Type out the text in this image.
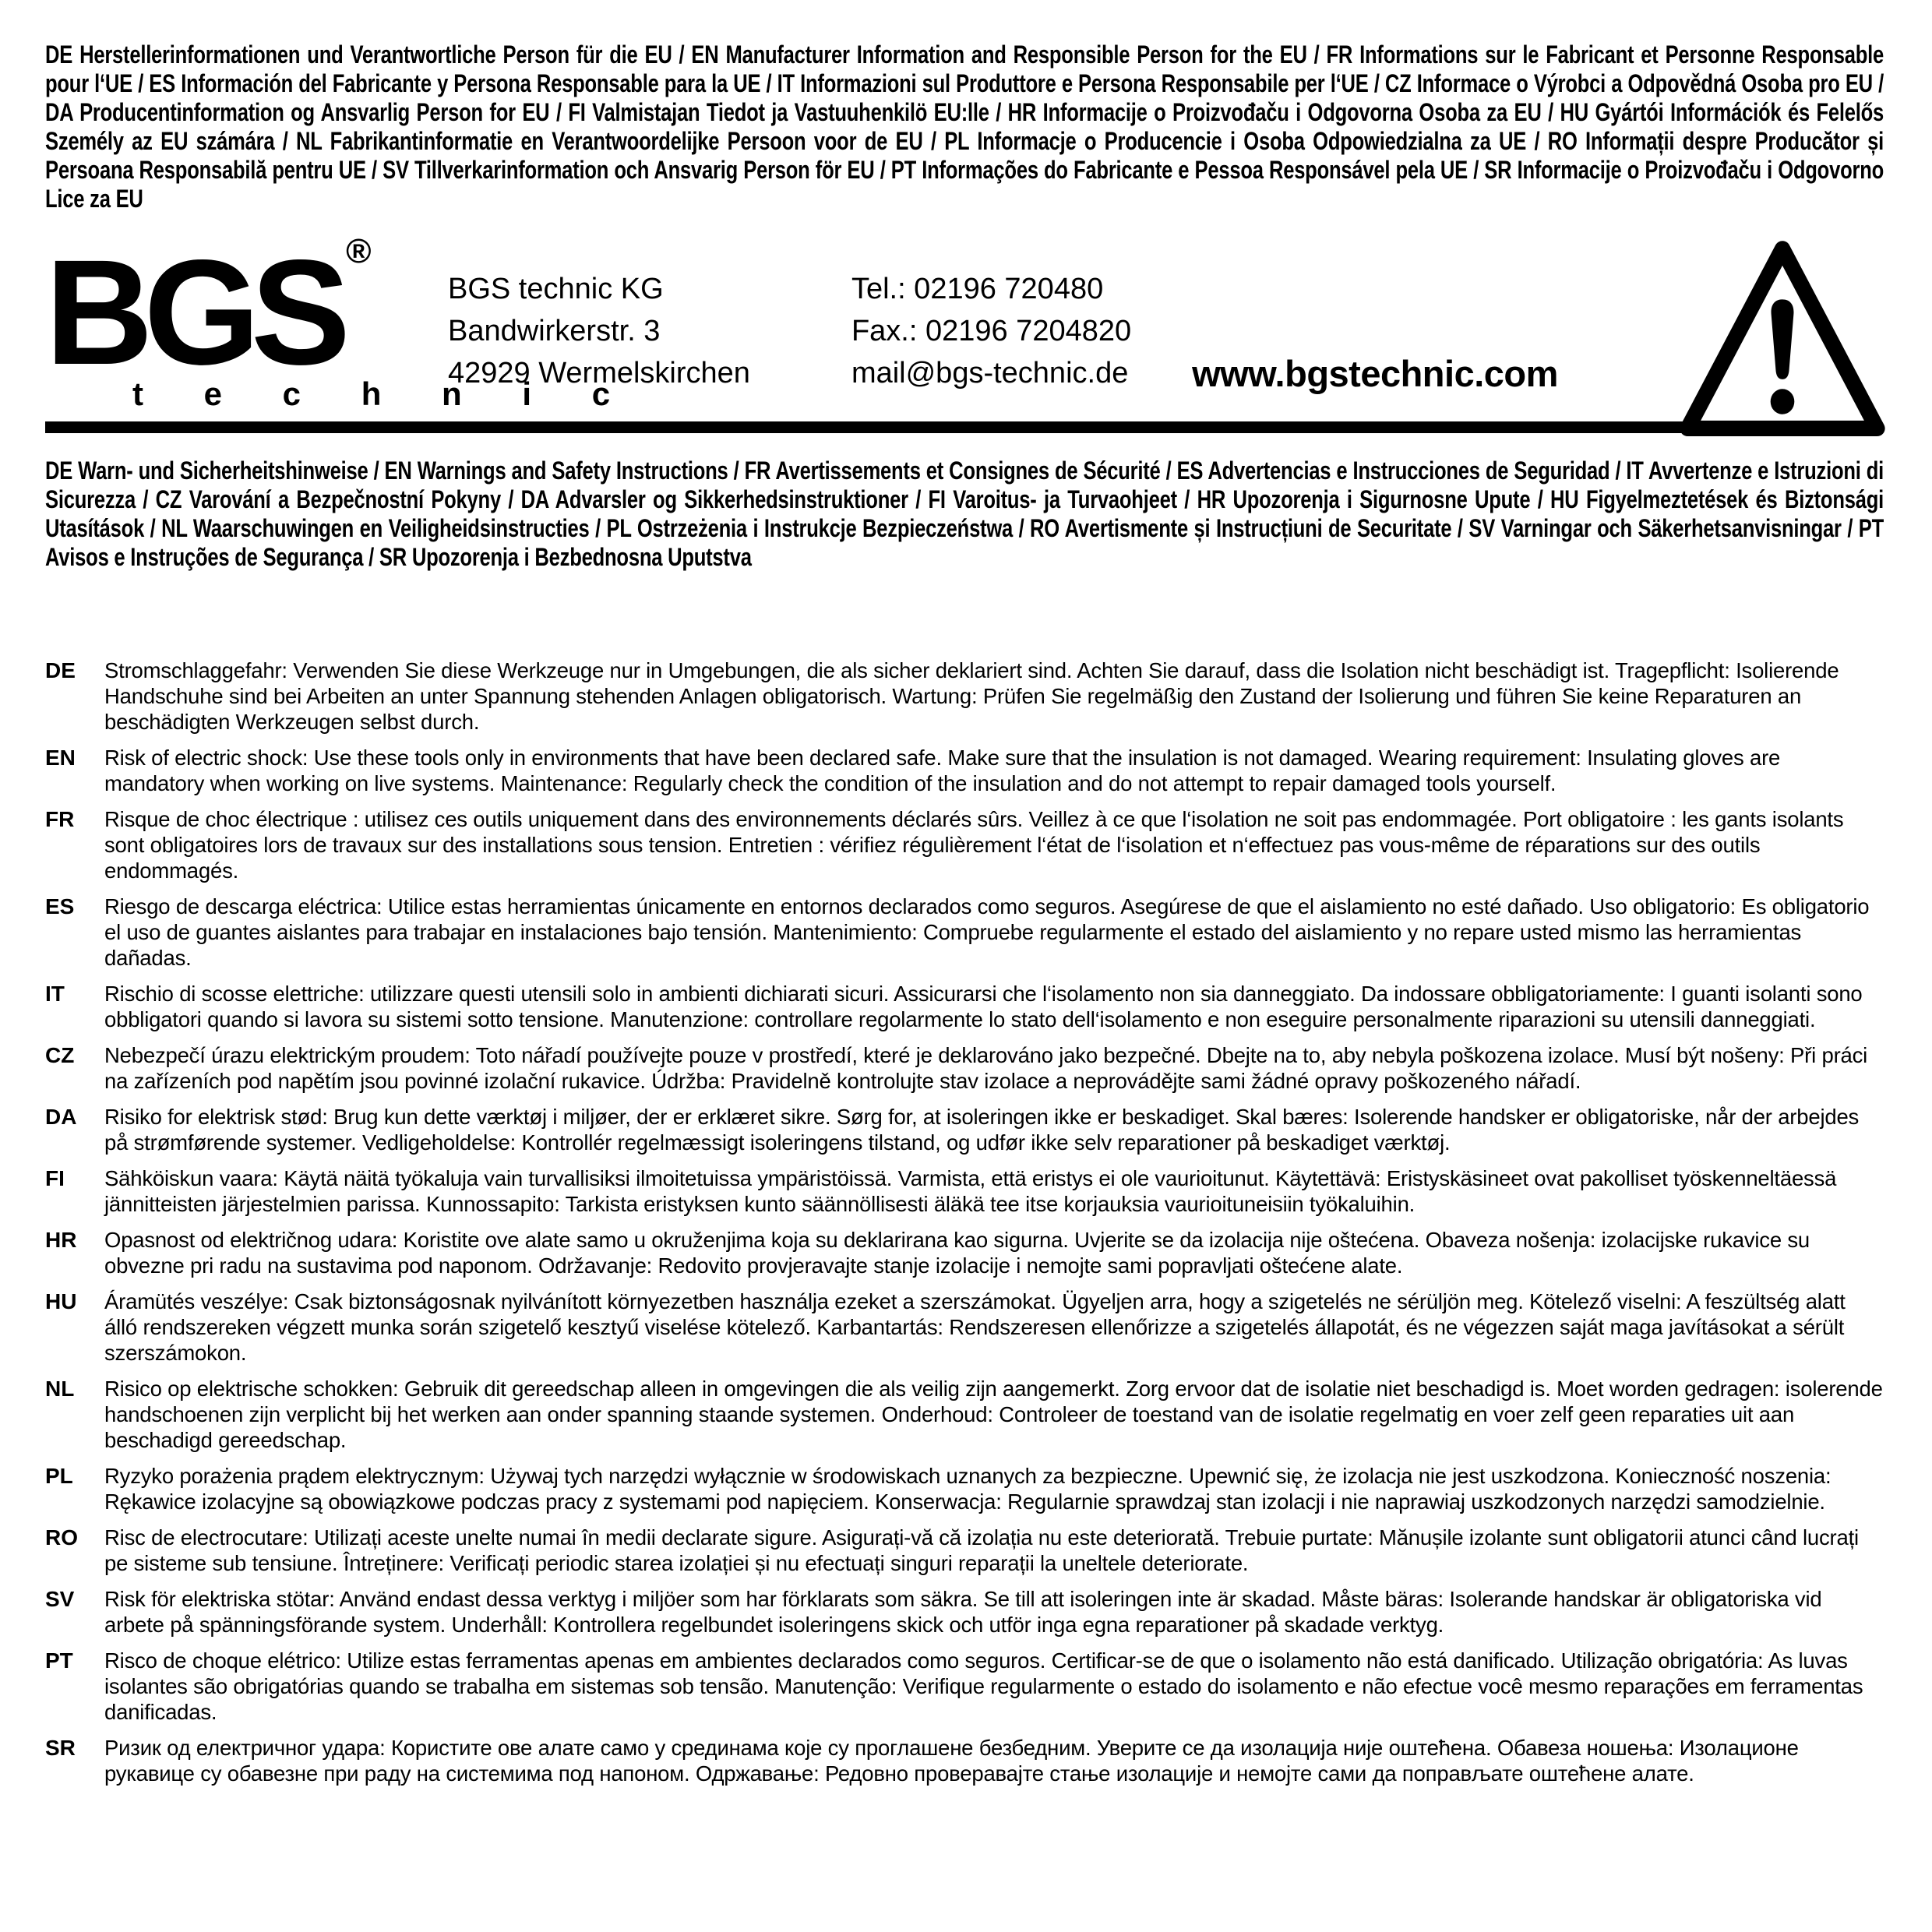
DE Herstellerinformationen und Verantwortliche Person für die EU / EN Manufacturer Information and Responsible Person for the EU / FR Informations sur le Fabricant et Personne Responsable pour l‘UE / ES Información del Fabricante y Persona Responsable para la UE / IT Informazioni sul Produttore e Persona Responsabile per l‘UE / CZ Informace o Výrobci a Odpovědná Osoba pro EU / DA Producentinformation og Ansvarlig Person for EU / FI Valmistajan Tiedot ja Vastuuhenkilö EU:lle / HR Informacije o Proizvođaču i Odgovorna Osoba za EU / HU Gyártói Információk és Felelős Személy az EU számára / NL Fabrikantinformatie en Verantwoordelijke Persoon voor de EU / PL Informacje o Producencie i Osoba Odpowiedzialna za UE / RO Informații despre Producător și Persoana Responsabilă pentru UE / SV Tillverkarinformation och Ansvarig Person för EU / PT Informações do Fabricante e Pessoa Responsável pela UE / SR Informacije o Proizvođaču i Odgovorno Lice za EU
BGS ®
t e c h n i c
BGS technic KG
Bandwirkerstr. 3
42929 Wermelskirchen
Tel.: 02196 720480
Fax.: 02196 7204820
mail@bgs-technic.de www.bgstechnic.com
DE Warn- und Sicherheitshinweise / EN Warnings and Safety Instructions / FR Avertissements et Consignes de Sécurité / ES Advertencias e Instrucciones de Seguridad / IT Avvertenze e Istruzioni di Sicurezza / CZ Varování a Bezpečnostní Pokyny / DA Advarsler og Sikkerhedsinstruktioner / FI Varoitus- ja Turvaohjeet / HR Upozorenja i Sigurnosne Upute / HU Figyelmeztetések és Biztonsági Utasítások / NL Waarschuwingen en Veiligheidsinstructies / PL Ostrzeżenia i Instrukcje Bezpieczeństwa / RO Avertismente și Instrucțiuni de Securitate / SV Varningar och Säkerhetsanvisningar / PT Avisos e Instruções de Segurança / SR Upozorenja i Bezbednosna Uputstva
DE	Stromschlaggefahr: Verwenden Sie diese Werkzeuge nur in Umgebungen, die als sicher deklariert sind. Achten Sie darauf, dass die Isolation nicht beschädigt ist. Tragepflicht: Isolierende Handschuhe sind bei Arbeiten an unter Spannung stehenden Anlagen obligatorisch. Wartung: Prüfen Sie regelmäßig den Zustand der Isolierung und führen Sie keine Reparaturen an beschädigten Werkzeugen selbst durch.
EN	Risk of electric shock: Use these tools only in environments that have been declared safe. Make sure that the insulation is not damaged. Wearing requirement: Insulating gloves are mandatory when working on live systems. Maintenance: Regularly check the condition of the insulation and do not attempt to repair damaged tools yourself.
FR	Risque de choc électrique : utilisez ces outils uniquement dans des environnements déclarés sûrs. Veillez à ce que l‘isolation ne soit pas endommagée. Port obligatoire : les gants isolants sont obligatoires lors de travaux sur des installations sous tension. Entretien : vérifiez régulièrement l‘état de l‘isolation et n‘effectuez pas vous-même de réparations sur des outils endommagés.
ES	Riesgo de descarga eléctrica: Utilice estas herramientas únicamente en entornos declarados como seguros. Asegúrese de que el aislamiento no esté dañado. Uso obligatorio: Es obligatorio el uso de guantes aislantes para trabajar en instalaciones bajo tensión. Mantenimiento: Compruebe regularmente el estado del aislamiento y no repare usted mismo las herramientas dañadas.
IT	Rischio di scosse elettriche: utilizzare questi utensili solo in ambienti dichiarati sicuri. Assicurarsi che l‘isolamento non sia danneggiato. Da indossare obbligatoriamente: I guanti isolanti sono obbligatori quando si lavora su sistemi sotto tensione. Manutenzione: controllare regolarmente lo stato dell‘isolamento e non eseguire personalmente riparazioni su utensili danneggiati.
CZ	Nebezpečí úrazu elektrickým proudem: Toto nářadí používejte pouze v prostředí, které je deklarováno jako bezpečné. Dbejte na to, aby nebyla poškozena izolace. Musí být nošeny: Při práci na zařízeních pod napětím jsou povinné izolační rukavice. Údržba: Pravidelně kontrolujte stav izolace a neprovádějte sami žádné opravy poškozeného nářadí.
DA	Risiko for elektrisk stød: Brug kun dette værktøj i miljøer, der er erklæret sikre. Sørg for, at isoleringen ikke er beskadiget. Skal bæres: Isolerende handsker er obligatoriske, når der arbejdes på strømførende systemer. Vedligeholdelse: Kontrollér regelmæssigt isoleringens tilstand, og udfør ikke selv reparationer på beskadiget værktøj.
FI	Sähköiskun vaara: Käytä näitä työkaluja vain turvallisiksi ilmoitetuissa ympäristöissä. Varmista, että eristys ei ole vaurioitunut. Käytettävä: Eristyskäsineet ovat pakolliset työskenneltäessä jännitteisten järjestelmien parissa. Kunnossapito: Tarkista eristyksen kunto säännöllisesti äläkä tee itse korjauksia vaurioituneisiin työkaluihin.
HR	Opasnost od električnog udara: Koristite ove alate samo u okruženjima koja su deklarirana kao sigurna. Uvjerite se da izolacija nije oštećena. Obaveza nošenja: izolacijske rukavice su obvezne pri radu na sustavima pod naponom. Održavanje: Redovito provjeravajte stanje izolacije i nemojte sami popravljati oštećene alate.
HU	Áramütés veszélye: Csak biztonságosnak nyilvánított környezetben használja ezeket a szerszámokat. Ügyeljen arra, hogy a szigetelés ne sérüljön meg. Kötelező viselni: A feszültség alatt álló rendszereken végzett munka során szigetelő kesztyű viselése kötelező. Karbantartás: Rendszeresen ellenőrizze a szigetelés állapotát, és ne végezzen saját maga javításokat a sérült szerszámokon.
NL	Risico op elektrische schokken: Gebruik dit gereedschap alleen in omgevingen die als veilig zijn aangemerkt. Zorg ervoor dat de isolatie niet beschadigd is. Moet worden gedragen: isolerende handschoenen zijn verplicht bij het werken aan onder spanning staande systemen. Onderhoud: Controleer de toestand van de isolatie regelmatig en voer zelf geen reparaties uit aan beschadigd gereedschap.
PL	Ryzyko porażenia prądem elektrycznym: Używaj tych narzędzi wyłącznie w środowiskach uznanych za bezpieczne. Upewnić się, że izolacja nie jest uszkodzona. Konieczność noszenia: Rękawice izolacyjne są obowiązkowe podczas pracy z systemami pod napięciem. Konserwacja: Regularnie sprawdzaj stan izolacji i nie naprawiaj uszkodzonych narzędzi samodzielnie.
RO	Risc de electrocutare: Utilizați aceste unelte numai în medii declarate sigure. Asigurați-vă că izolația nu este deteriorată. Trebuie purtate: Mănușile izolante sunt obligatorii atunci când lucrați pe sisteme sub tensiune. Întreținere: Verificați periodic starea izolației și nu efectuați singuri reparații la uneltele deteriorate.
SV	Risk för elektriska stötar: Använd endast dessa verktyg i miljöer som har förklarats som säkra. Se till att isoleringen inte är skadad. Måste bäras: Isolerande handskar är obligatoriska vid arbete på spänningsförande system. Underhåll: Kontrollera regelbundet isoleringens skick och utför inga egna reparationer på skadade verktyg.
PT	Risco de choque elétrico: Utilize estas ferramentas apenas em ambientes declarados como seguros. Certificar-se de que o isolamento não está danificado. Utilização obrigatória: As luvas isolantes são obrigatórias quando se trabalha em sistemas sob tensão. Manutenção: Verifique regularmente o estado do isolamento e não efectue você mesmo reparações em ferramentas danificadas.
SR	Ризик од електричног удара: Користите ове алате само у срединама које су проглашене безбедним. Уверите се да изолација није оштећена. Обавеза ношења: Изолационе рукавице су обавезне при раду на системима под напоном. Одржавање: Редовно проверавајте стање изолације и немојте сами да поправљате оштећене алате.
